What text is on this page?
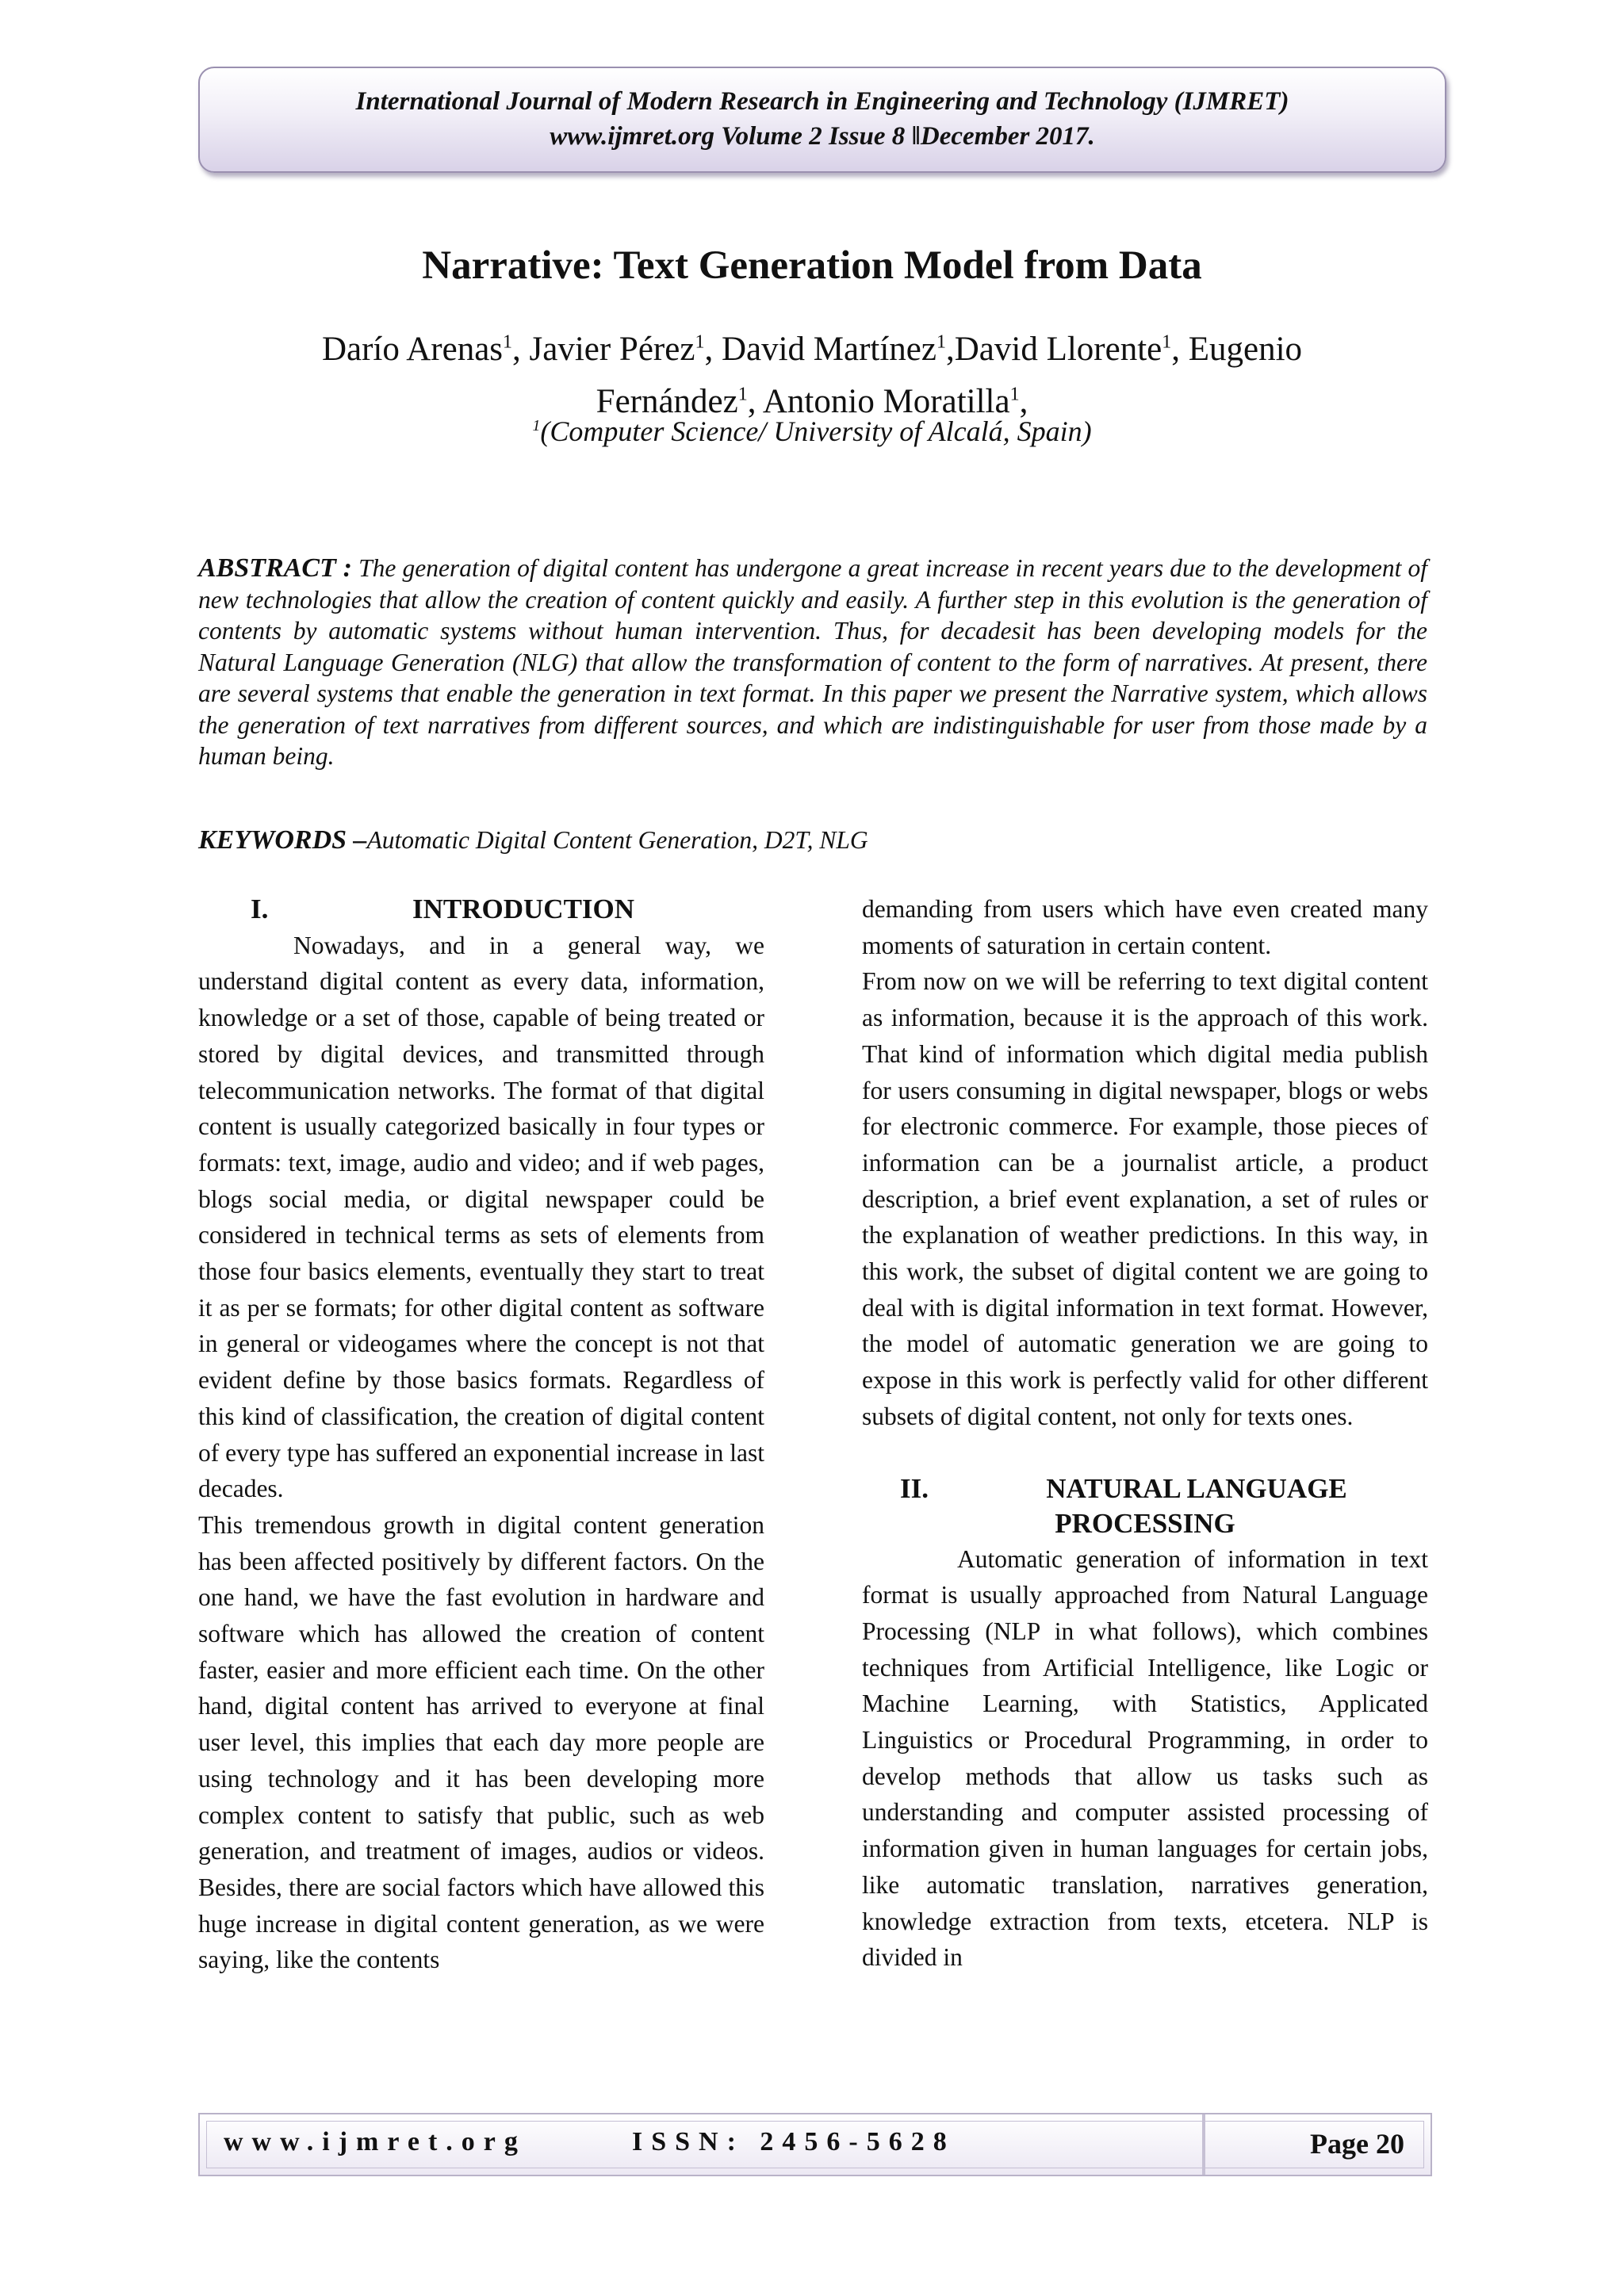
International Journal of Modern Research in Engineering and Technology (IJMRET)
www.ijmret.org Volume 2 Issue 8 ǁDecember 2017.
Narrative: Text Generation Model from Data
Darío Arenas$^1$, Javier Pérez$^1$, David Martínez$^1$,David Llorente$^1$, Eugenio Fernández$^1$, Antonio Moratilla$^1$,
$^1$(Computer Science/ University of Alcalá, Spain)
ABSTRACT : The generation of digital content has undergone a great increase in recent years due to the development of new technologies that allow the creation of content quickly and easily. A further step in this evolution is the generation of contents by automatic systems without human intervention. Thus, for decadesit has been developing models for the Natural Language Generation (NLG) that allow the transformation of content to the form of narratives. At present, there are several systems that enable the generation in text format. In this paper we present the Narrative system, which allows the generation of text narratives from different sources, and which are indistinguishable for user from those made by a human being.
KEYWORDS –Automatic Digital Content Generation, D2T, NLG
I.	INTRODUCTION

Nowadays, and in a general way, we understand digital content as every data, information, knowledge or a set of those, capable of being treated or stored by digital devices, and transmitted through telecommunication networks. The format of that digital content is usually categorized basically in four types or formats: text, image, audio and video; and if web pages, blogs social media, or digital newspaper could be considered in technical terms as sets of elements from those four basics elements, eventually they start to treat it as per se formats; for other digital content as software in general or videogames where the concept is not that evident define by those basics formats. Regardless of this kind of classification, the creation of digital content of every type has suffered an exponential increase in last decades.

This tremendous growth in digital content generation has been affected positively by different factors. On the one hand, we have the fast evolution in hardware and software which has allowed the creation of content faster, easier and more efficient each time. On the other hand, digital content has arrived to everyone at final user level, this implies that each day more people are using technology and it has been developing more complex content to satisfy that public, such as web generation, and treatment of images, audios or videos. Besides, there are social factors which have allowed this huge increase in digital content generation, as we were saying, like the contents

demanding from users which have even created many moments of saturation in certain content.

From now on we will be referring to text digital content as information, because it is the approach of this work. That kind of information which digital media publish for users consuming in digital newspaper, blogs or webs for electronic commerce. For example, those pieces of information can be a journalist article, a product description, a brief event explanation, a set of rules or the explanation of weather predictions. In this way, in this work, the subset of digital content we are going to deal with is digital information in text format. However, the model of automatic generation we are going to expose in this work is perfectly valid for other different subsets of digital content, not only for texts ones.

II.	NATURAL LANGUAGE
PROCESSING

Automatic generation of information in text format is usually approached from Natural Language Processing (NLP in what follows), which combines techniques from Artificial Intelligence, like Logic or Machine Learning, with Statistics, Applicated Linguistics or Procedural Programming, in order to develop methods that allow us tasks such as understanding and computer assisted processing of information given in human languages for certain jobs, like automatic translation, narratives generation, knowledge extraction from texts, etcetera. NLP is divided in

www.ijmret.org	ISSN: 2456-5628	Page 20
